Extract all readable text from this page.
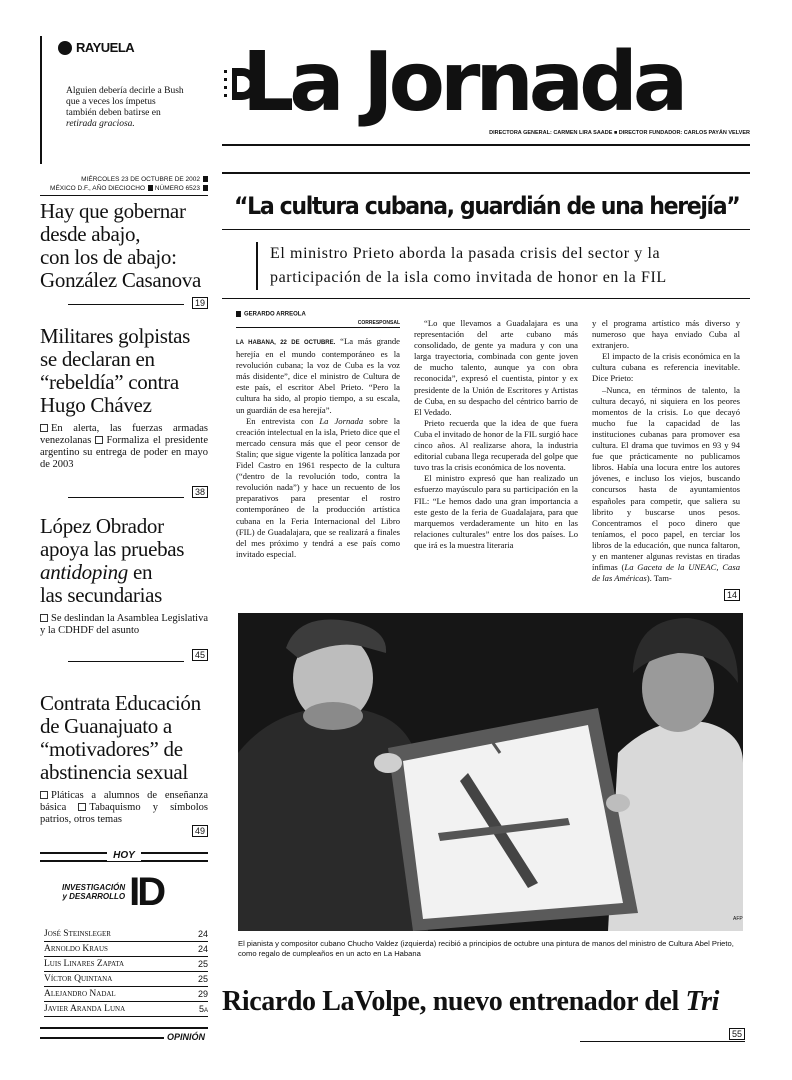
RAYUELA
Alguien debería decirle a Bush
que a veces los ímpetus
también deben batirse en
retirada graciosa.
MIÉRCOLES 23 DE OCTUBRE DE 2002
MÉXICO D.F., AÑO DIECIOCHO NÚMERO 6523
Hay que gobernar
desde abajo,
con los de abajo:
González Casanova
19
Militares golpistas
se declaran en
“rebeldía” contra
Hugo Chávez
En alerta, las fuerzas armadas venezolanas Formaliza el presidente argentino su entrega de poder en mayo de 2003
38
López Obrador
apoya las pruebas
antidoping en
las secundarias
Se deslindan la Asamblea Legislativa y la CDHDF del asunto
45
Contrata Educación
de Guanajuato a
“motivadores” de
abstinencia sexual
Pláticas a alumnos de enseñanza básica Tabaquismo y símbolos patrios, otros temas
49
HOY
INVESTIGACIÓN
y DESARROLLO ID
José Steinsleger	24
Arnoldo Kraus	24
Luis Linares Zapata	25
Víctor Quintana	25
Alejandro Nadal	29
Javier Aranda Luna	5a
OPINIÓN
La Jornada
DIRECTORA GENERAL: CARMEN LIRA SAADE ■ DIRECTOR FUNDADOR: CARLOS PAYÁN VELVER
“La cultura cubana, guardián de una herejía”
El ministro Prieto aborda la pasada crisis del sector y la
participación de la isla como invitada de honor en la FIL
GERARDO ARREOLA
CORRESPONSAL

LA HABANA, 22 DE OCTUBRE. “La más grande herejía en el mundo contemporáneo es la revolución cubana; la voz de Cuba es la voz más disidente”, dice el ministro de Cultura de este país, el escritor Abel Prieto. “Pero la cultura ha sido, al propio tiempo, a su escala, un guardián de esa herejía”.

En entrevista con La Jornada sobre la creación intelectual en la isla, Prieto dice que el mercado censura más que el peor censor de Stalin; que sigue vigente la política lanzada por Fidel Castro en 1961 respecto de la cultura (“dentro de la revolución todo, contra la revolución nada”) y hace un recuento de los preparativos para presentar el rostro contemporáneo de la producción artística cubana en la Feria Internacional del Libro (FIL) de Guadalajara, que se realizará a finales del mes próximo y tendrá a ese país como invitado especial.

“Lo que llevamos a Guadalajara es una representación del arte cubano más consolidado, de gente ya madura y con una larga trayectoria, combinada con gente joven de mucho talento, aunque ya con obra reconocida”, expresó el cuentista, pintor y ex presidente de la Unión de Escritores y Artistas de Cuba, en su despacho del céntrico barrio de El Vedado.

Prieto recuerda que la idea de que fuera Cuba el invitado de honor de la FIL surgió hace cinco años. Al realizarse ahora, la industria editorial cubana llega recuperada del golpe que tuvo tras la crisis económica de los noventa.

El ministro expresó que han realizado un esfuerzo mayúsculo para su participación en la FIL: “Le hemos dado una gran importancia a este gesto de la feria de Guadalajara, para que marquemos verdaderamente un hito en las relaciones culturales” entre los dos países. Lo que irá es la muestra literaria

y el programa artístico más diverso y numeroso que haya enviado Cuba al extranjero.

El impacto de la crisis económica en la cultura cubana es referencia inevitable. Dice Prieto:

–Nunca, en términos de talento, la cultura decayó, ni siquiera en los peores momentos de la crisis. Lo que decayó mucho fue la capacidad de las instituciones cubanas para promover esa cultura. El drama que tuvimos en 93 y 94 fue que prácticamente no publicamos libros. Había una locura entre los autores jóvenes, e incluso los viejos, buscando concursos hasta de ayuntamientos españoles para competir, que saliera su librito y buscarse unos pesos. Concentramos el poco dinero que teníamos, el poco papel, en terciar los libros de la educación, que nunca faltaron, y en mantener algunas revistas en tiradas ínfimas (La Gaceta de la UNEAC, Casa de las Américas). Tam-

14
AFP
El pianista y compositor cubano Chucho Valdez (izquierda) recibió a principios de octubre una pintura de manos del ministro de Cultura Abel Prieto, como regalo de cumpleaños en un acto en La Habana
Ricardo LaVolpe, nuevo entrenador del Tri
55
